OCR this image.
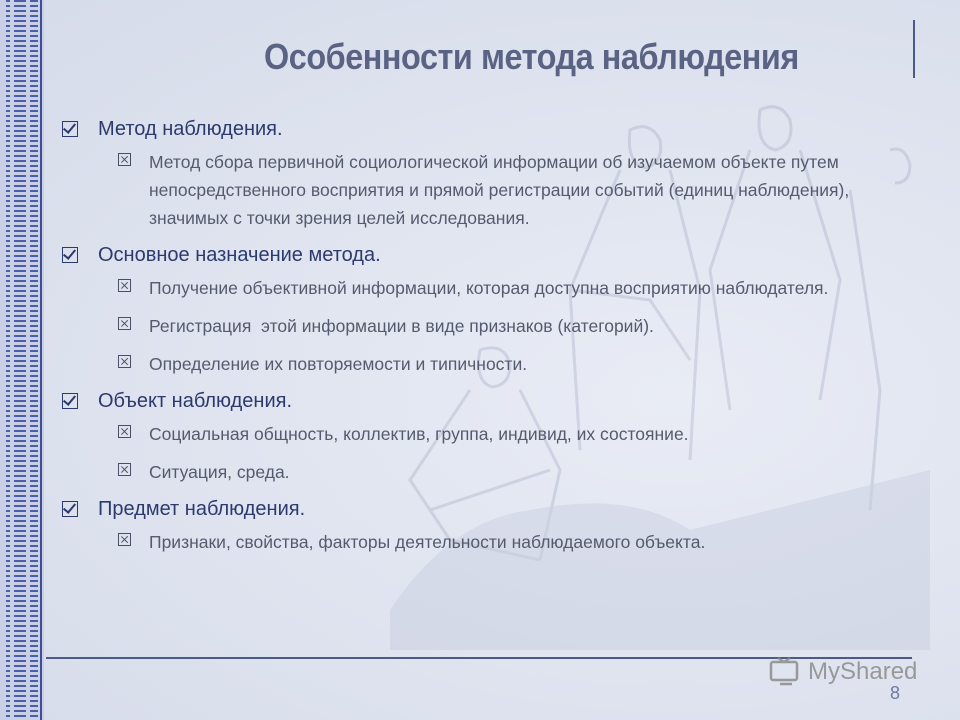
Особенности метода наблюдения
Метод наблюдения.
Метод сбора первичной социологической информации об изучаемом объекте путем непосредственного восприятия и прямой регистрации событий (единиц наблюдения), значимых с точки зрения целей исследования.
Основное назначение метода.
Получение объективной информации, которая доступна восприятию наблюдателя.
Регистрация  этой информации в виде признаков (категорий).
Определение их повторяемости и типичности.
Объект наблюдения.
Социальная общность, коллектив, группа, индивид, их состояние.
Ситуация, среда.
Предмет наблюдения.
Признаки, свойства, факторы деятельности наблюдаемого объекта.
MyShared
8
